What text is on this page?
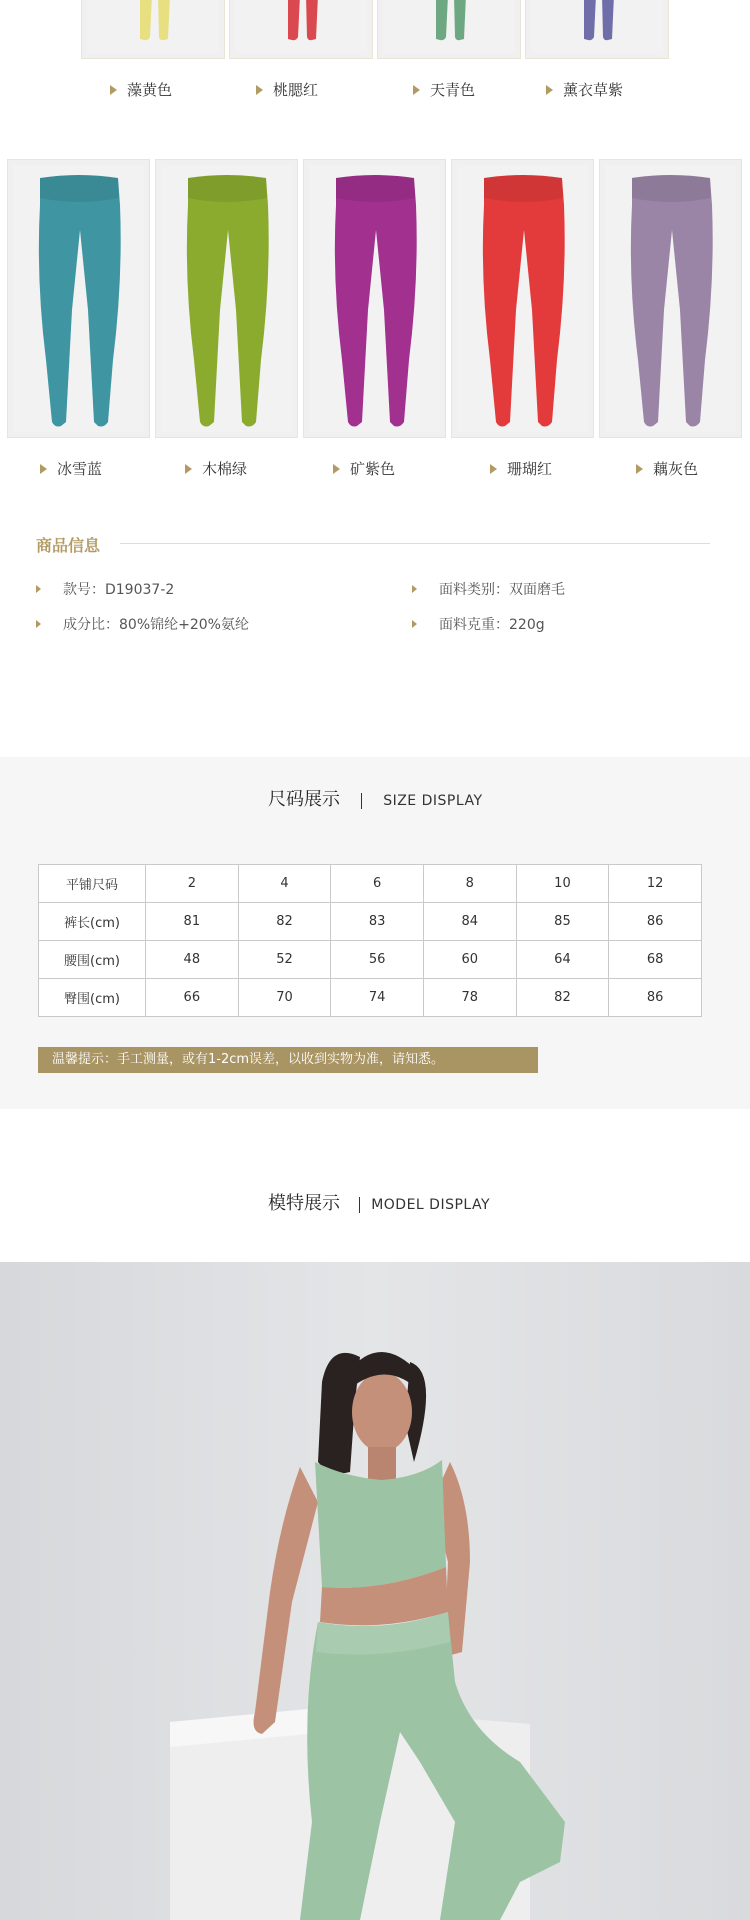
藻黄色	桃腮红	天青色	薰衣草紫
冰雪蓝	木棉绿	矿紫色	珊瑚红	藕灰色
商品信息
款号：D19037-2
成分比：80%锦纶+20%氨纶
面料类别：双面磨毛
面料克重：220g
尺码展示	SIZE DISPLAY
平铺尺码	2	4	6	8	10	12
裤长(cm)	81	82	83	84	85	86
腰围(cm)	48	52	56	60	64	68
臀围(cm)	66	70	74	78	82	86
温馨提示：手工测量，或有1-2cm误差，以收到实物为准，请知悉。
模特展示 MODEL DISPLAY
